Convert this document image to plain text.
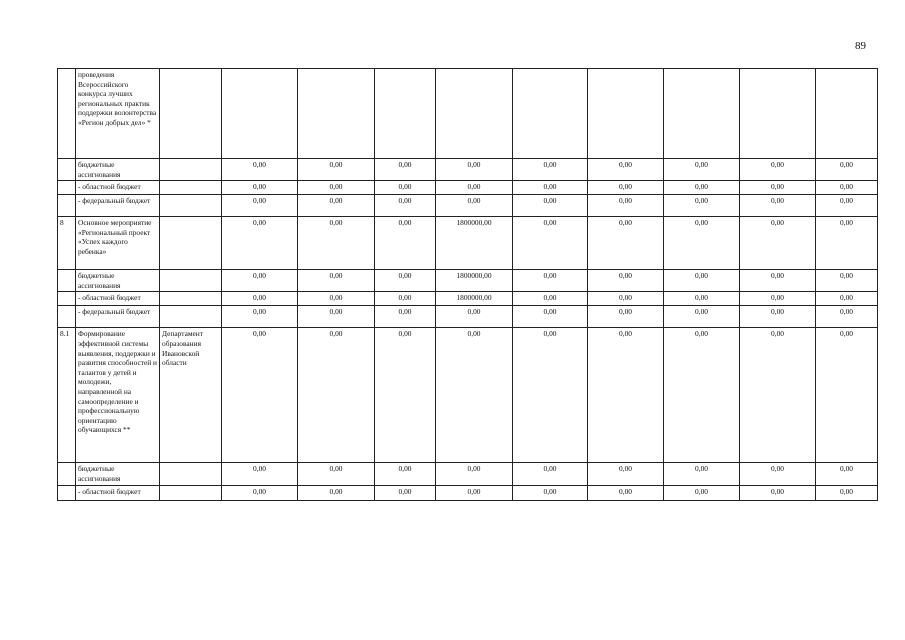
89
	проведения Всероссийского конкурса лучших региональных практик поддержки волонтерства «Регион добрых дел» *										
	бюджетные ассигнования		0,00	0,00	0,00	0,00	0,00	0,00	0,00	0,00	0,00
	- областной бюджет		0,00	0,00	0,00	0,00	0,00	0,00	0,00	0,00	0,00
	- федеральный бюджет		0,00	0,00	0,00	0,00	0,00	0,00	0,00	0,00	0,00
8	Основное мероприятие «Региональный проект «Успех каждого ребенка»		0,00	0,00	0,00	1800000,00	0,00	0,00	0,00	0,00	0,00
	бюджетные ассигнования		0,00	0,00	0,00	1800000,00	0,00	0,00	0,00	0,00	0,00
	- областной бюджет		0,00	0,00	0,00	1800000,00	0,00	0,00	0,00	0,00	0,00
	- федеральный бюджет		0,00	0,00	0,00	0,00	0,00	0,00	0,00	0,00	0,00
8.1	Формирование эффективной системы выявления, поддержки и развития способностей и талантов у детей и молодежи, направленной на самоопределение и профессиональную ориентацию обучающихся **	Департамент образования Ивановской области	0,00	0,00	0,00	0,00	0,00	0,00	0,00	0,00	0,00
	бюджетные ассигнования		0,00	0,00	0,00	0,00	0,00	0,00	0,00	0,00	0,00
	- областной бюджет		0,00	0,00	0,00	0,00	0,00	0,00	0,00	0,00	0,00
